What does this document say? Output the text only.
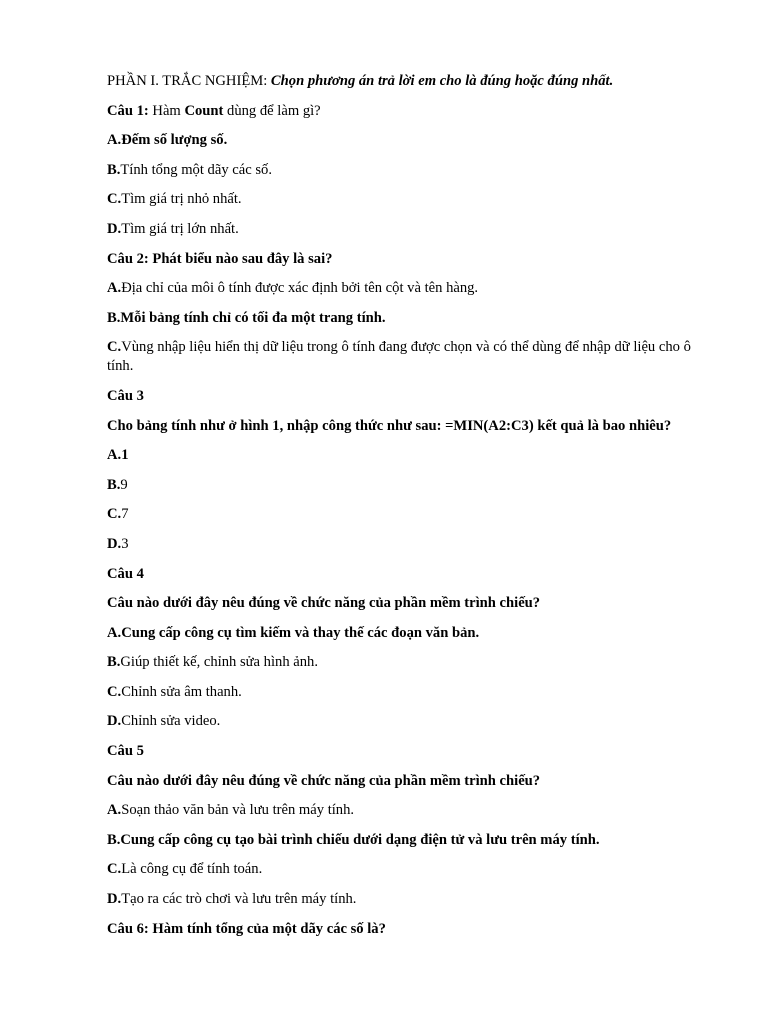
PHẦN I. TRẮC NGHIỆM: Chọn phương án trả lời em cho là đúng hoặc đúng nhất.

Câu 1: Hàm Count dùng để làm gì?

A.Đếm số lượng số.

B.Tính tổng một dãy các số.

C.Tìm giá trị nhỏ nhất.

D.Tìm giá trị lớn nhất.

Câu 2: Phát biểu nào sau đây là sai?

A.Địa chỉ của môi ô tính được xác định bởi tên cột và tên hàng.

B.Mỗi bảng tính chỉ có tối đa một trang tính.

C.Vùng nhập liệu hiển thị dữ liệu trong ô tính đang được chọn và có thể dùng để nhập dữ liệu cho ô tính.

Câu 3

Cho bảng tính như ở hình 1, nhập công thức như sau: =MIN(A2:C3) kết quả là bao nhiêu?

A.1

B.9

C.7

D.3

Câu 4

Câu nào dưới đây nêu đúng về chức năng của phần mềm trình chiếu?

A.Cung cấp công cụ tìm kiếm và thay thế các đoạn văn bản.

B.Giúp thiết kế, chỉnh sửa hình ảnh.

C.Chỉnh sửa âm thanh.

D.Chỉnh sửa video.

Câu 5

Câu nào dưới đây nêu đúng về chức năng của phần mềm trình chiếu?

A.Soạn thảo văn bản và lưu trên máy tính.

B.Cung cấp công cụ tạo bài trình chiếu dưới dạng điện tử và lưu trên máy tính.

C.Là công cụ để tính toán.

D.Tạo ra các trò chơi và lưu trên máy tính.

Câu 6: Hàm tính tổng của một dãy các số là?
